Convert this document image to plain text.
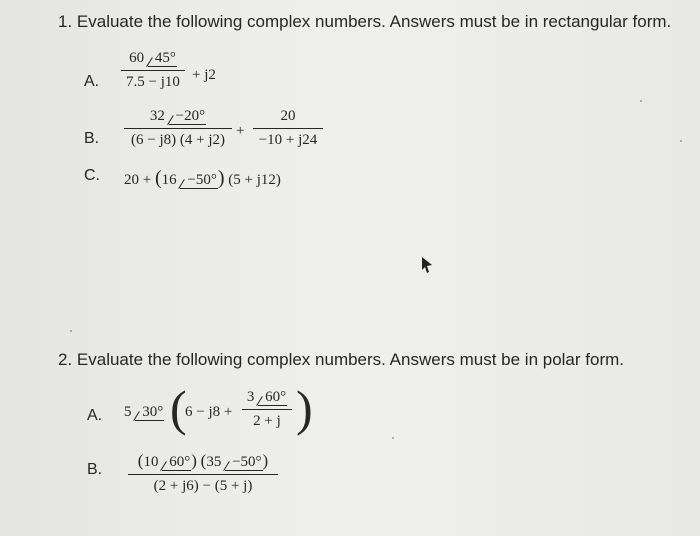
1. Evaluate the following complex numbers. Answers must be in rectangular form.
A.
60 45°
7.5 − j10 + j2
B.
32 −20°
(6 − j8) (4 + j2)
+
20
−10 + j24
C. 20 + (16 −50°) (5 + j12)
2. Evaluate the following complex numbers. Answers must be in polar form.
A. 5 30° (
6 − j8 +
3 60°
2 + j )
B.	(10 60°) (35 −50°)
(2 + j6) − (5 + j)
